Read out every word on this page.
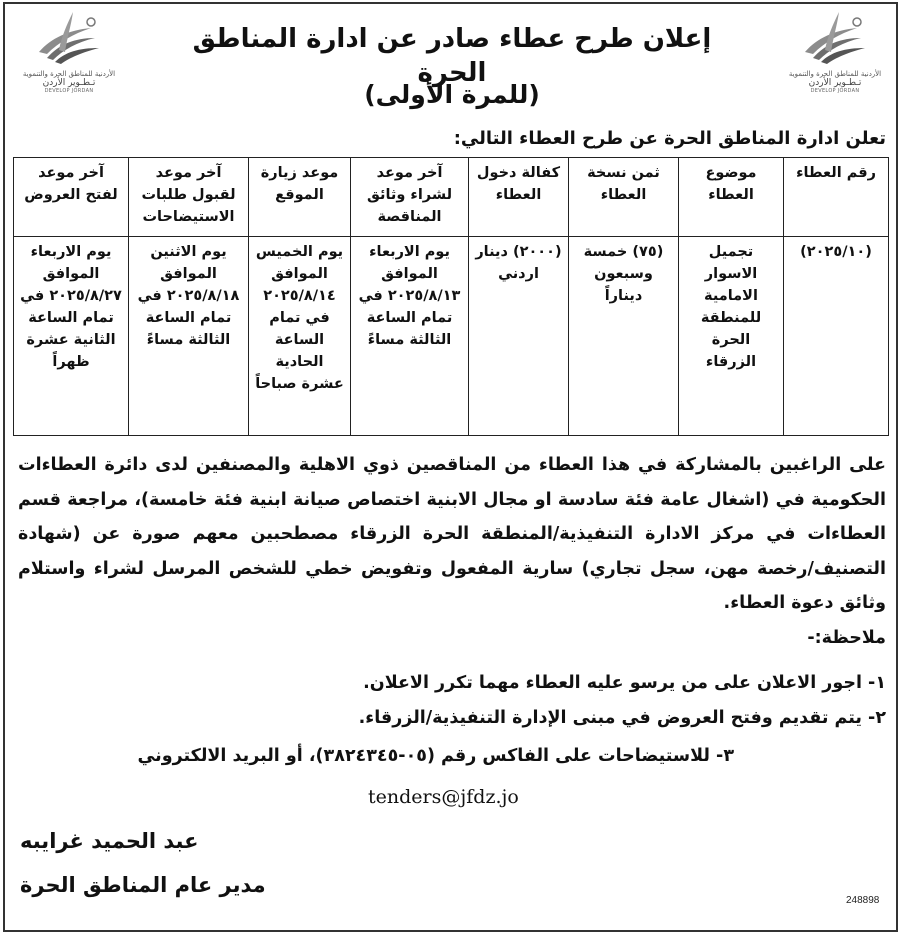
الأردنية للمناطق الحرة والتنموية
تـطـوير الأردن
DEVELOP JORDAN
الأردنية للمناطق الحرة والتنموية
تـطـوير الأردن
DEVELOP JORDAN
إعلان طرح عطاء صادر عن ادارة المناطق الحرة
(للمرة الأولى)
تعلن ادارة المناطق الحرة عن طرح العطاء التالي:
رقم العطاء	موضوع العطاء	ثمن نسخة العطاء	كفالة دخول العطاء	آخر موعد لشراء وثائق المناقصة	موعد زيارة الموقع	آخر موعد لقبول طلبات الاستيضاحات	آخر موعد لفتح العروض
(٢٠٢٥/١٠)	تجميل الاسوار الامامية للمنطقة الحرة الزرقاء	(٧٥) خمسة وسبعون ديناراً	(٢٠٠٠) دينار اردني	يوم الاربعاء الموافق ٢٠٢٥/٨/١٣ في تمام الساعة الثالثة مساءً	يوم الخميس الموافق ٢٠٢٥/٨/١٤ في تمام الساعة الحادية عشرة صباحاً	يوم الاثنين الموافق ٢٠٢٥/٨/١٨ في تمام الساعة الثالثة مساءً	يوم الاربعاء الموافق ٢٠٢٥/٨/٢٧ في تمام الساعة الثانية عشرة ظهراً
على الراغبين بالمشاركة في هذا العطاء من المناقصين ذوي الاهلية والمصنفين لدى دائرة العطاءات الحكومية في (اشغال عامة فئة سادسة او مجال الابنية اختصاص صيانة ابنية فئة خامسة)، مراجعة قسم العطاءات في مركز الادارة التنفيذية/المنطقة الحرة الزرقاء مصطحبين معهم صورة عن (شهادة التصنيف/رخصة مهن، سجل تجاري) سارية المفعول وتفويض خطي للشخص المرسل لشراء واستلام وثائق دعوة العطاء.
ملاحظة:-
١- اجور الاعلان على من يرسو عليه العطاء مهما تكرر الاعلان.
٢- يتم تقديم وفتح العروض في مبنى الإدارة التنفيذية/الزرقاء.
٣- للاستيضاحات على الفاكس رقم (٠٥-٣٨٢٤٣٤٥)، أو البريد الالكتروني
tenders@jfdz.jo
عبد الحميد غرايبه
مدير عام المناطق الحرة
248898
